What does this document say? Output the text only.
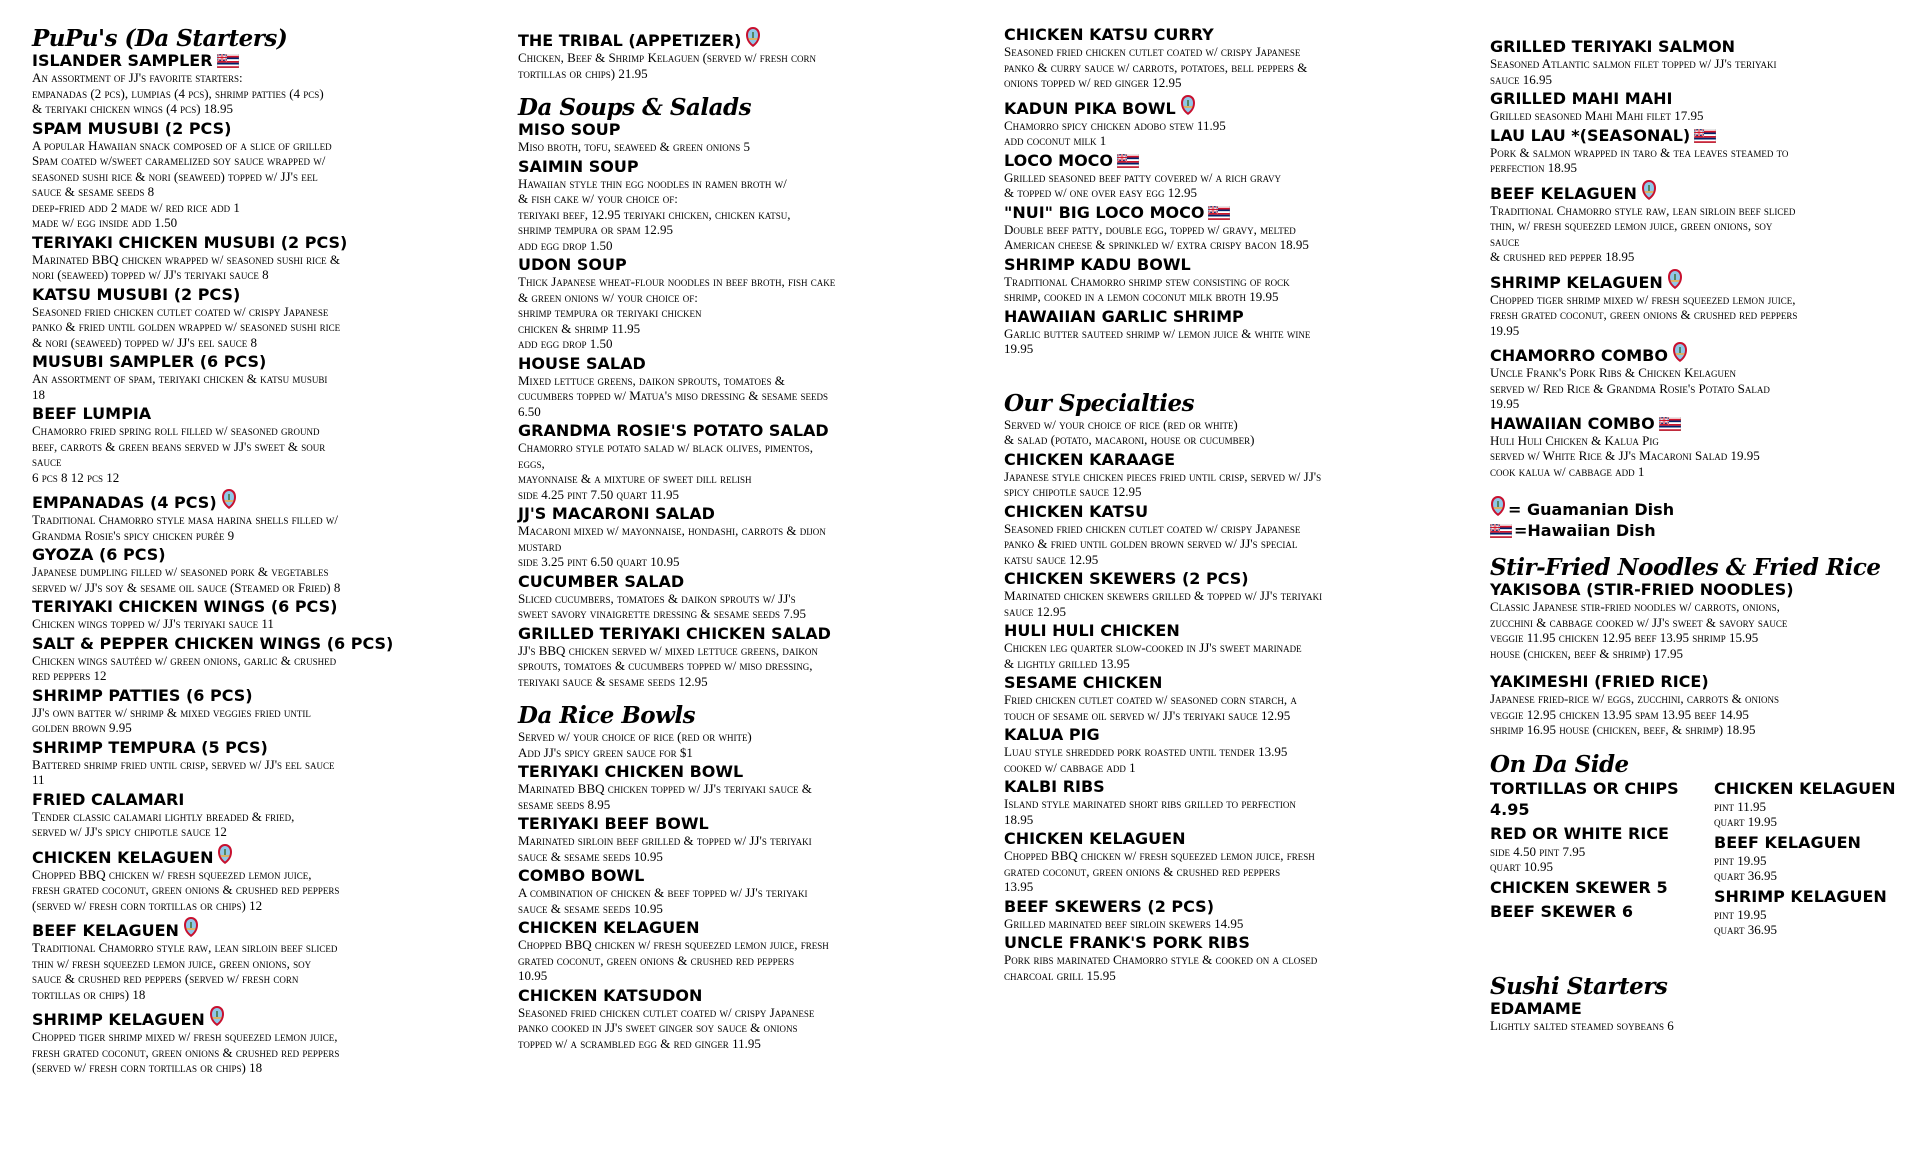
PuPu's (Da Starters)
ISLANDER SAMPLER
An assortment of JJ's favorite starters:
empanadas (2 pcs), lumpias (4 pcs), shrimp patties (4 pcs)
& teriyaki chicken wings (4 pcs) 18.95
SPAM MUSUBI (2 PCS)
A popular Hawaiian snack composed of a slice of grilled
Spam coated w/sweet caramelized soy sauce wrapped w/
seasoned sushi rice & nori (seaweed) topped w/ JJ's eel
sauce & sesame seeds 8
deep-fried add 2 made w/ red rice add 1
made w/ egg inside add 1.50
TERIYAKI CHICKEN MUSUBI (2 PCS)
Marinated BBQ chicken wrapped w/ seasoned sushi rice &
nori (seaweed) topped w/ JJ's teriyaki sauce 8
KATSU MUSUBI (2 PCS)
Seasoned fried chicken cutlet coated w/ crispy Japanese
panko & fried until golden wrapped w/ seasoned sushi rice
& nori (seaweed) topped w/ JJ's eel sauce 8
MUSUBI SAMPLER (6 PCS)
An assortment of spam, teriyaki chicken & katsu musubi
18
BEEF LUMPIA
Chamorro fried spring roll filled w/ seasoned ground
beef, carrots & green beans served w JJ's sweet & sour
sauce
6 pcs 8 12 pcs 12
EMPANADAS (4 PCS)
Traditional Chamorro style masa harina shells filled w/
Grandma Rosie's spicy chicken purée 9
GYOZA (6 PCS)
Japanese dumpling filled w/ seasoned pork & vegetables
served w/ JJ's soy & sesame oil sauce (Steamed or Fried) 8
TERIYAKI CHICKEN WINGS (6 PCS)
Chicken wings topped w/ JJ's teriyaki sauce 11
SALT & PEPPER CHICKEN WINGS (6 PCS)
Chicken wings sautéed w/ green onions, garlic & crushed
red peppers 12
SHRIMP PATTIES (6 PCS)
JJ's own batter w/ shrimp & mixed veggies fried until
golden brown 9.95
SHRIMP TEMPURA (5 PCS)
Battered shrimp fried until crisp, served w/ JJ's eel sauce
11
FRIED CALAMARI
Tender classic calamari lightly breaded & fried,
served w/ JJ's spicy chipotle sauce 12
CHICKEN KELAGUEN
Chopped BBQ chicken w/ fresh squeezed lemon juice,
fresh grated coconut, green onions & crushed red peppers
(served w/ fresh corn tortillas or chips) 12
BEEF KELAGUEN
Traditional Chamorro style raw, lean sirloin beef sliced
thin w/ fresh squeezed lemon juice, green onions, soy
sauce & crushed red peppers (served w/ fresh corn
tortillas or chips) 18
SHRIMP KELAGUEN
Chopped tiger shrimp mixed w/ fresh squeezed lemon juice,
fresh grated coconut, green onions & crushed red peppers
(served w/ fresh corn tortillas or chips) 18
THE TRIBAL (APPETIZER)
Chicken, Beef & Shrimp Kelaguen (served w/ fresh corn
tortillas or chips) 21.95
Da Soups & Salads
MISO SOUP
Miso broth, tofu, seaweed & green onions 5
SAIMIN SOUP
Hawaiian style thin egg noodles in ramen broth w/
& fish cake w/ your choice of:
teriyaki beef, 12.95 teriyaki chicken, chicken katsu,
shrimp tempura or spam 12.95
add egg drop 1.50
UDON SOUP
Thick Japanese wheat-flour noodles in beef broth, fish cake
& green onions w/ your choice of:
shrimp tempura or teriyaki chicken
chicken & shrimp 11.95
add egg drop 1.50
HOUSE SALAD
Mixed lettuce greens, daikon sprouts, tomatoes &
cucumbers topped w/ Matua's miso dressing & sesame seeds
6.50
GRANDMA ROSIE'S POTATO SALAD
Chamorro style potato salad w/ black olives, pimentos,
eggs,
mayonnaise & a mixture of sweet dill relish
side 4.25 pint 7.50 quart 11.95
JJ'S MACARONI SALAD
Macaroni mixed w/ mayonnaise, hondashi, carrots & dijon
mustard
side 3.25 pint 6.50 quart 10.95
CUCUMBER SALAD
Sliced cucumbers, tomatoes & daikon sprouts w/ JJ's
sweet savory vinaigrette dressing & sesame seeds 7.95
GRILLED TERIYAKI CHICKEN SALAD
JJ's BBQ chicken served w/ mixed lettuce greens, daikon
sprouts, tomatoes & cucumbers topped w/ miso dressing,
teriyaki sauce & sesame seeds 12.95
Da Rice Bowls
Served w/ your choice of rice (red or white)
Add JJ's spicy green sauce for $1
TERIYAKI CHICKEN BOWL
Marinated BBQ chicken topped w/ JJ's teriyaki sauce &
sesame seeds 8.95
TERIYAKI BEEF BOWL
Marinated sirloin beef grilled & topped w/ JJ's teriyaki
sauce & sesame seeds 10.95
COMBO BOWL
A combination of chicken & beef topped w/ JJ's teriyaki
sauce & sesame seeds 10.95
CHICKEN KELAGUEN
Chopped BBQ chicken w/ fresh squeezed lemon juice, fresh
grated coconut, green onions & crushed red peppers
10.95
CHICKEN KATSUDON
Seasoned fried chicken cutlet coated w/ crispy Japanese
panko cooked in JJ's sweet ginger soy sauce & onions
topped w/ a scrambled egg & red ginger 11.95
CHICKEN KATSU CURRY
Seasoned fried chicken cutlet coated w/ crispy Japanese
panko & curry sauce w/ carrots, potatoes, bell peppers &
onions topped w/ red ginger 12.95
KADUN PIKA BOWL
Chamorro spicy chicken adobo stew 11.95
add coconut milk 1
LOCO MOCO
Grilled seasoned beef patty covered w/ a rich gravy
& topped w/ one over easy egg 12.95
"NUI" BIG LOCO MOCO
Double beef patty, double egg, topped w/ gravy, melted
American cheese & sprinkled w/ extra crispy bacon 18.95
SHRIMP KADU BOWL
Traditional Chamorro shrimp stew consisting of rock
shrimp, cooked in a lemon coconut milk broth 19.95
HAWAIIAN GARLIC SHRIMP
Garlic butter sauteed shrimp w/ lemon juice & white wine
19.95
Our Specialties
Served w/ your choice of rice (red or white)
& salad (potato, macaroni, house or cucumber)
CHICKEN KARAAGE
Japanese style chicken pieces fried until crisp, served w/ JJ's
spicy chipotle sauce 12.95
CHICKEN KATSU
Seasoned fried chicken cutlet coated w/ crispy Japanese
panko & fried until golden brown served w/ JJ's special
katsu sauce 12.95
CHICKEN SKEWERS (2 PCS)
Marinated chicken skewers grilled & topped w/ JJ's teriyaki
sauce 12.95
HULI HULI CHICKEN
Chicken leg quarter slow-cooked in JJ's sweet marinade
& lightly grilled 13.95
SESAME CHICKEN
Fried chicken cutlet coated w/ seasoned corn starch, a
touch of sesame oil served w/ JJ's teriyaki sauce 12.95
KALUA PIG
Luau style shredded pork roasted until tender 13.95
cooked w/ cabbage add 1
KALBI RIBS
Island style marinated short ribs grilled to perfection
18.95
CHICKEN KELAGUEN
Chopped BBQ chicken w/ fresh squeezed lemon juice, fresh
grated coconut, green onions & crushed red peppers
13.95
BEEF SKEWERS (2 PCS)
Grilled marinated beef sirloin skewers 14.95
UNCLE FRANK'S PORK RIBS
Pork ribs marinated Chamorro style & cooked on a closed
charcoal grill 15.95
GRILLED TERIYAKI SALMON
Seasoned Atlantic salmon filet topped w/ JJ's teriyaki
sauce 16.95
GRILLED MAHI MAHI
Grilled seasoned Mahi Mahi filet 17.95
LAU LAU *(SEASONAL)
Pork & salmon wrapped in taro & tea leaves steamed to
perfection 18.95
BEEF KELAGUEN
Traditional Chamorro style raw, lean sirloin beef sliced
thin, w/ fresh squeezed lemon juice, green onions, soy
sauce
& crushed red pepper 18.95
SHRIMP KELAGUEN
Chopped tiger shrimp mixed w/ fresh squeezed lemon juice,
fresh grated coconut, green onions & crushed red peppers
19.95
CHAMORRO COMBO
Uncle Frank's Pork Ribs & Chicken Kelaguen
served w/ Red Rice & Grandma Rosie's Potato Salad
19.95
HAWAIIAN COMBO
Huli Huli Chicken & Kalua Pig
served w/ White Rice & JJ's Macaroni Salad 19.95
cook kalua w/ cabbage add 1
= Guamanian Dish
=Hawaiian Dish
Stir-Fried Noodles & Fried Rice
YAKISOBA (STIR-FRIED NOODLES)
Classic Japanese stir-fried noodles w/ carrots, onions,
zucchini & cabbage cooked w/ JJ's sweet & savory sauce
veggie 11.95 chicken 12.95 beef 13.95 shrimp 15.95
house (chicken, beef & shrimp) 17.95
YAKIMESHI (FRIED RICE)
Japanese fried-rice w/ eggs, zucchini, carrots & onions
veggie 12.95 chicken 13.95 spam 13.95 beef 14.95
shrimp 16.95 house (chicken, beef, & shrimp) 18.95
On Da Side
TORTILLAS OR CHIPS 4.95
RED OR WHITE RICE
side 4.50 pint 7.95
quart 10.95
CHICKEN SKEWER 5
BEEF SKEWER 6
CHICKEN KELAGUEN
pint 11.95
quart 19.95
BEEF KELAGUEN
pint 19.95
quart 36.95
SHRIMP KELAGUEN
pint 19.95
quart 36.95
Sushi Starters
EDAMAME
Lightly salted steamed soybeans 6
